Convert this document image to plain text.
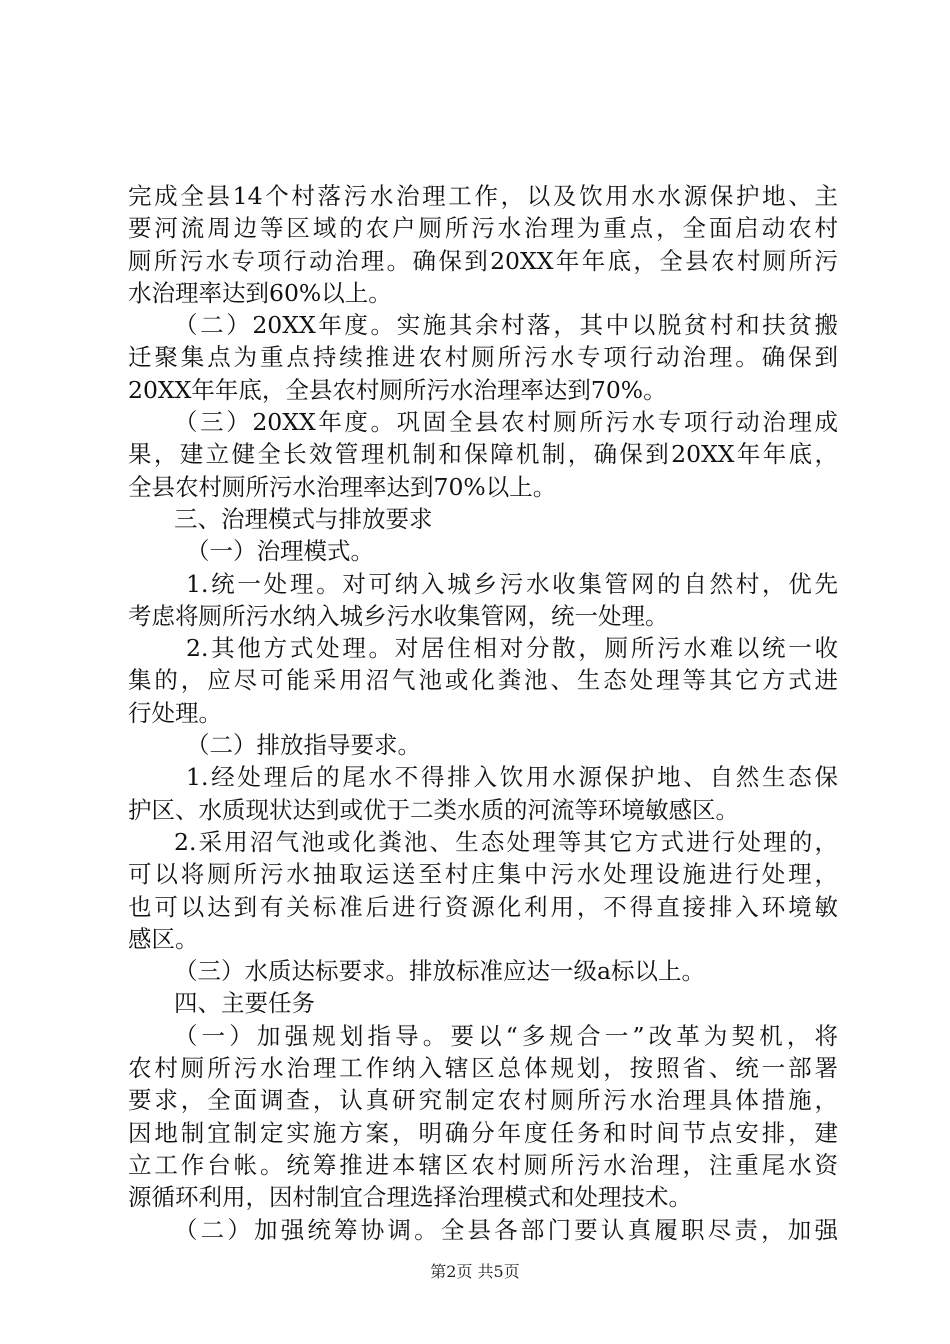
完成全县14个村落污水治理工作，以及饮用水水源保护地、主
要河流周边等区域的农户厕所污水治理为重点，全面启动农村
厕所污水专项行动治理。确保到20XX年年底，全县农村厕所污
水治理率达到60%以上。
（二）20XX年度。实施其余村落，其中以脱贫村和扶贫搬
迁聚集点为重点持续推进农村厕所污水专项行动治理。确保到
20XX年年底，全县农村厕所污水治理率达到70%。
（三）20XX年度。巩固全县农村厕所污水专项行动治理成
果，建立健全长效管理机制和保障机制，确保到20XX年年底，
全县农村厕所污水治理率达到70%以上。
三、治理模式与排放要求
（一）治理模式。
1.统一处理。对可纳入城乡污水收集管网的自然村，优先
考虑将厕所污水纳入城乡污水收集管网，统一处理。
2.其他方式处理。对居住相对分散，厕所污水难以统一收
集的，应尽可能采用沼气池或化粪池、生态处理等其它方式进
行处理。
（二）排放指导要求。
1.经处理后的尾水不得排入饮用水源保护地、自然生态保
护区、水质现状达到或优于二类水质的河流等环境敏感区。
2.采用沼气池或化粪池、生态处理等其它方式进行处理的，
可以将厕所污水抽取运送至村庄集中污水处理设施进行处理，
也可以达到有关标准后进行资源化利用，不得直接排入环境敏
感区。
（三）水质达标要求。排放标准应达一级a标以上。
四、主要任务
（一）加强规划指导。要以“多规合一”改革为契机，将
农村厕所污水治理工作纳入辖区总体规划，按照省、统一部署
要求，全面调查，认真研究制定农村厕所污水治理具体措施，
因地制宜制定实施方案，明确分年度任务和时间节点安排，建
立工作台帐。统筹推进本辖区农村厕所污水治理，注重尾水资
源循环利用，因村制宜合理选择治理模式和处理技术。
（二）加强统筹协调。全县各部门要认真履职尽责，加强
第2页 共5页
